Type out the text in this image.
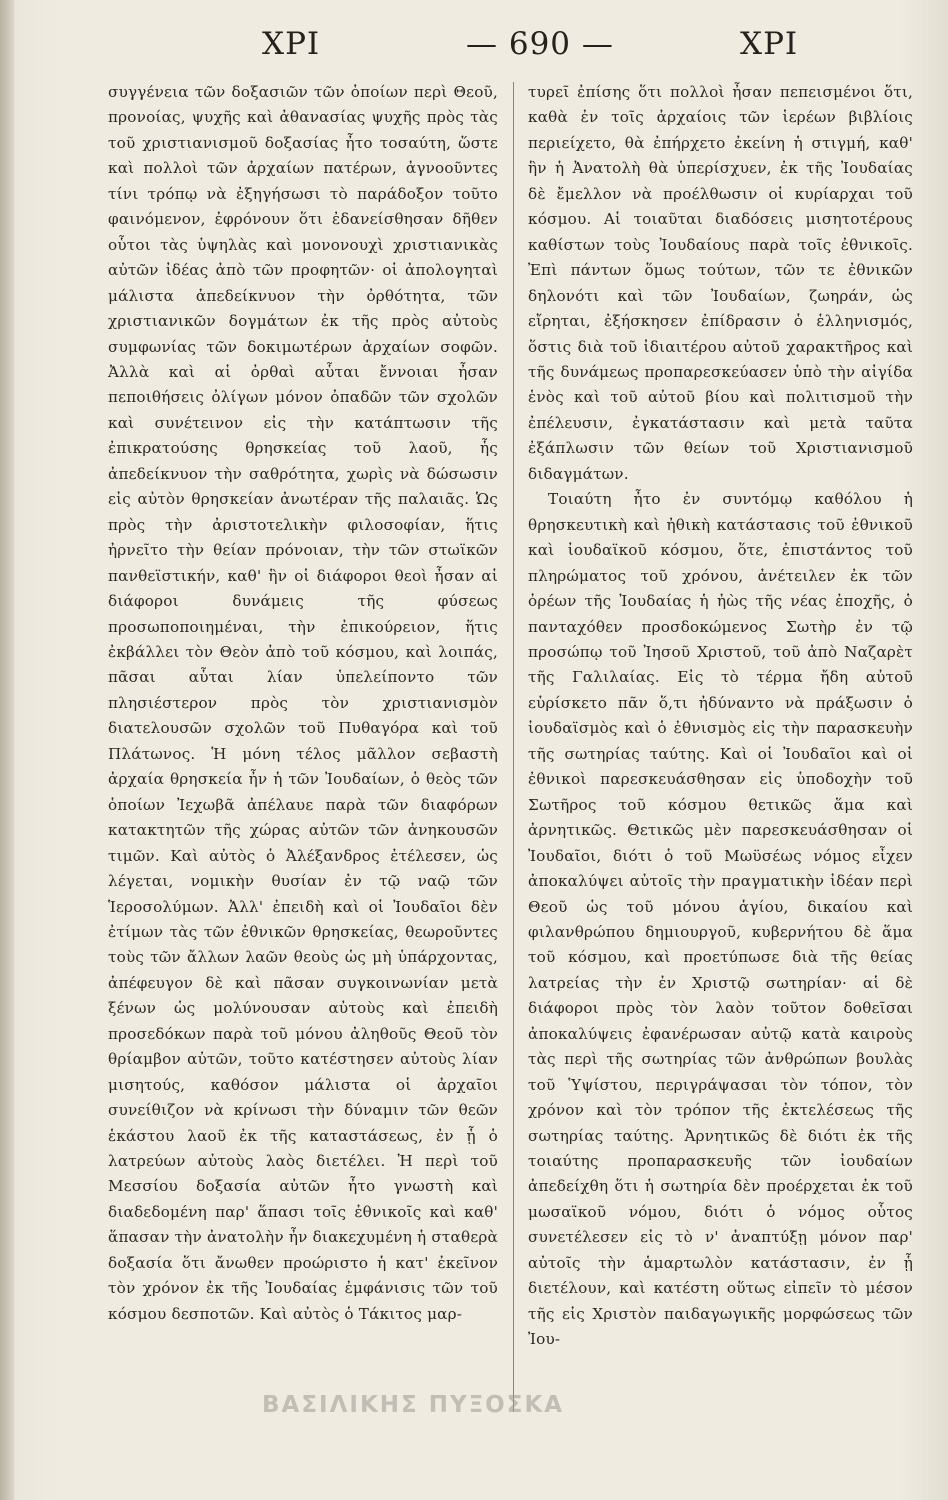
ΧΡΙ	— 690 —	ΧΡΙ

συγγένεια τῶν δοξασιῶν τῶν ὁποίων περὶ Θεοῦ, προνοίας, ψυχῆς καὶ ἀθανασίας ψυχῆς πρὸς τὰς τοῦ χριστιανισμοῦ δοξασίας ἦτο τοσαύτη, ὥστε καὶ πολλοὶ τῶν ἀρχαίων πατέρων, ἀγνοοῦντες τίνι τρόπῳ νὰ ἐξηγήσωσι τὸ παράδοξον τοῦτο φαινόμενον, ἐφρόνουν ὅτι ἐδανείσθησαν δῆθεν οὗτοι τὰς ὑψηλὰς καὶ μονονουχὶ χριστιανικὰς αὐτῶν ἰδέας ἀπὸ τῶν προφητῶν· οἱ ἀπολογηταὶ μάλιστα ἀπεδείκνυον τὴν ὀρθότητα, τῶν χριστιανικῶν δογμάτων ἐκ τῆς πρὸς αὐτοὺς συμφωνίας τῶν δοκιμωτέρων ἀρχαίων σοφῶν. Ἀλλὰ καὶ αἱ ὀρθαὶ αὗται ἔννοιαι ἦσαν πεποιθήσεις ὀλίγων μόνον ὀπαδῶν τῶν σχολῶν καὶ συνέτεινον εἰς τὴν κατάπτωσιν τῆς ἐπικρατούσης θρησκείας τοῦ λαοῦ, ἧς ἀπεδείκνυον τὴν σαθρότητα, χωρὶς νὰ δώσωσιν εἰς αὐτὸν θρησκείαν ἀνωτέραν τῆς παλαιᾶς. Ὡς πρὸς τὴν ἀριστοτελικὴν φιλοσοφίαν, ἥτις ἠρνεῖτο τὴν θείαν πρόνοιαν, τὴν τῶν στωϊκῶν πανθεϊστικήν, καθ' ἣν οἱ διάφοροι θεοὶ ἦσαν αἱ διάφοροι δυνάμεις τῆς φύσεως προσωποποιημέναι, τὴν ἐπικούρειον, ἥτις ἐκβάλλει τὸν Θεὸν ἀπὸ τοῦ κόσμου, καὶ λοιπάς, πᾶσαι αὗται λίαν ὑπελείποντο τῶν πλησιέστερον πρὸς τὸν χριστιανισμὸν διατελουσῶν σχολῶν τοῦ Πυθαγόρα καὶ τοῦ Πλάτωνος. Ἡ μόνη τέλος μᾶλλον σεβαστὴ ἀρχαία θρησκεία ἦν ἡ τῶν Ἰουδαίων, ὁ θεὸς τῶν ὁποίων Ἰεχωβᾶ ἀπέλαυε παρὰ τῶν διαφόρων κατακτητῶν τῆς χώρας αὐτῶν τῶν ἀνηκουσῶν τιμῶν. Καὶ αὐτὸς ὁ Ἀλέξανδρος ἐτέλεσεν, ὡς λέγεται, νομικὴν θυσίαν ἐν τῷ ναῷ τῶν Ἱεροσολύμων. Ἀλλ' ἐπειδὴ καὶ οἱ Ἰουδαῖοι δὲν ἐτίμων τὰς τῶν ἐθνικῶν θρησκείας, θεωροῦντες τοὺς τῶν ἄλλων λαῶν θεοὺς ὡς μὴ ὑπάρχοντας, ἀπέφευγον δὲ καὶ πᾶσαν συγκοινωνίαν μετὰ ξένων ὡς μολύνουσαν αὐτοὺς καὶ ἐπειδὴ προσεδόκων παρὰ τοῦ μόνου ἀληθοῦς Θεοῦ τὸν θρίαμβον αὐτῶν, τοῦτο κατέστησεν αὐτοὺς λίαν μισητούς, καθόσον μάλιστα οἱ ἀρχαῖοι συνείθιζον νὰ κρίνωσι τὴν δύναμιν τῶν θεῶν ἑκάστου λαοῦ ἐκ τῆς καταστάσεως, ἐν ᾗ ὁ λατρεύων αὐτοὺς λαὸς διετέλει. Ἡ περὶ τοῦ Μεσσίου δοξασία αὐτῶν ἦτο γνωστὴ καὶ διαδεδομένη παρ' ἅπασι τοῖς ἐθνικοῖς καὶ καθ' ἅπασαν τὴν ἀνατολὴν ἦν διακεχυμένη ἡ σταθερὰ δοξασία ὅτι ἄνωθεν προώριστο ἡ κατ' ἐκεῖνον τὸν χρόνον ἐκ τῆς Ἰουδαίας ἐμφάνισις τῶν τοῦ κόσμου δεσποτῶν. Καὶ αὐτὸς ὁ Τάκιτος μαρ-

τυρεῖ ἐπίσης ὅτι πολλοὶ ἦσαν πεπεισμένοι ὅτι, καθὰ ἐν τοῖς ἀρχαίοις τῶν ἱερέων βιβλίοις περιείχετο, θὰ ἐπήρχετο ἐκείνη ἡ στιγμή, καθ' ἣν ἡ Ἀνατολὴ θὰ ὑπερίσχυεν, ἐκ τῆς Ἰουδαίας δὲ ἔμελλον νὰ προέλθωσιν οἱ κυρίαρχαι τοῦ κόσμου. Αἱ τοιαῦται διαδόσεις μισητοτέρους καθίστων τοὺς Ἰουδαίους παρὰ τοῖς ἐθνικοῖς. Ἐπὶ πάντων ὅμως τούτων, τῶν τε ἐθνικῶν δηλονότι καὶ τῶν Ἰουδαίων, ζωηράν, ὡς εἴρηται, ἐξήσκησεν ἐπίδρασιν ὁ ἑλληνισμός, ὅστις διὰ τοῦ ἰδιαιτέρου αὐτοῦ χαρακτῆρος καὶ τῆς δυνάμεως προπαρεσκεύασεν ὑπὸ τὴν αἰγίδα ἑνὸς καὶ τοῦ αὐτοῦ βίου καὶ πολιτισμοῦ τὴν ἐπέλευσιν, ἐγκατάστασιν καὶ μετὰ ταῦτα ἐξάπλωσιν τῶν θείων τοῦ Χριστιανισμοῦ διδαγμάτων.

Τοιαύτη ἦτο ἐν συντόμῳ καθόλου ἡ θρησκευτικὴ καὶ ἠθικὴ κατάστασις τοῦ ἐθνικοῦ καὶ ἰουδαϊκοῦ κόσμου, ὅτε, ἐπιστάντος τοῦ πληρώματος τοῦ χρόνου, ἀνέτειλεν ἐκ τῶν ὀρέων τῆς Ἰουδαίας ἡ ἠὼς τῆς νέας ἐποχῆς, ὁ πανταχόθεν προσδοκώμενος Σωτὴρ ἐν τῷ προσώπῳ τοῦ Ἰησοῦ Χριστοῦ, τοῦ ἀπὸ Ναζαρὲτ τῆς Γαλιλαίας. Εἰς τὸ τέρμα ἤδη αὐτοῦ εὑρίσκετο πᾶν ὅ,τι ἠδύναντο νὰ πράξωσιν ὁ ἰουδαϊσμὸς καὶ ὁ ἐθνισμὸς εἰς τὴν παρασκευὴν τῆς σωτηρίας ταύτης. Καὶ οἱ Ἰουδαῖοι καὶ οἱ ἐθνικοὶ παρεσκευάσθησαν εἰς ὑποδοχὴν τοῦ Σωτῆρος τοῦ κόσμου θετικῶς ἅμα καὶ ἀρνητικῶς. Θετικῶς μὲν παρεσκευάσθησαν οἱ Ἰουδαῖοι, διότι ὁ τοῦ Μωϋσέως νόμος εἶχεν ἀποκαλύψει αὐτοῖς τὴν πραγματικὴν ἰδέαν περὶ Θεοῦ ὡς τοῦ μόνου ἁγίου, δικαίου καὶ φιλανθρώπου δημιουργοῦ, κυβερνήτου δὲ ἅμα τοῦ κόσμου, καὶ προετύπωσε διὰ τῆς θείας λατρείας τὴν ἐν Χριστῷ σωτηρίαν· αἱ δὲ διάφοροι πρὸς τὸν λαὸν τοῦτον δοθεῖσαι ἀποκαλύψεις ἐφανέρωσαν αὐτῷ κατὰ καιροὺς τὰς περὶ τῆς σωτηρίας τῶν ἀνθρώπων βουλὰς τοῦ Ὑψίστου, περιγράψασαι τὸν τόπον, τὸν χρόνον καὶ τὸν τρόπον τῆς ἐκτελέσεως τῆς σωτηρίας ταύτης. Ἀρνητικῶς δὲ διότι ἐκ τῆς τοιαύτης προπαρασκευῆς τῶν ἰουδαίων ἀπεδείχθη ὅτι ἡ σωτηρία δὲν προέρχεται ἐκ τοῦ μωσαϊκοῦ νόμου, διότι ὁ νόμος οὗτος συνετέλεσεν εἰς τὸ ν' ἀναπτύξῃ μόνον παρ' αὐτοῖς τὴν ἁμαρτωλὸν κατάστασιν, ἐν ᾗ διετέλουν, καὶ κατέστη οὕτως εἰπεῖν τὸ μέσον τῆς εἰς Χριστὸν παιδαγωγικῆς μορφώσεως τῶν Ἰου-

ΒΑΣΙΛΙΚΗΣ ΠΥΞΟΣΚΑ
